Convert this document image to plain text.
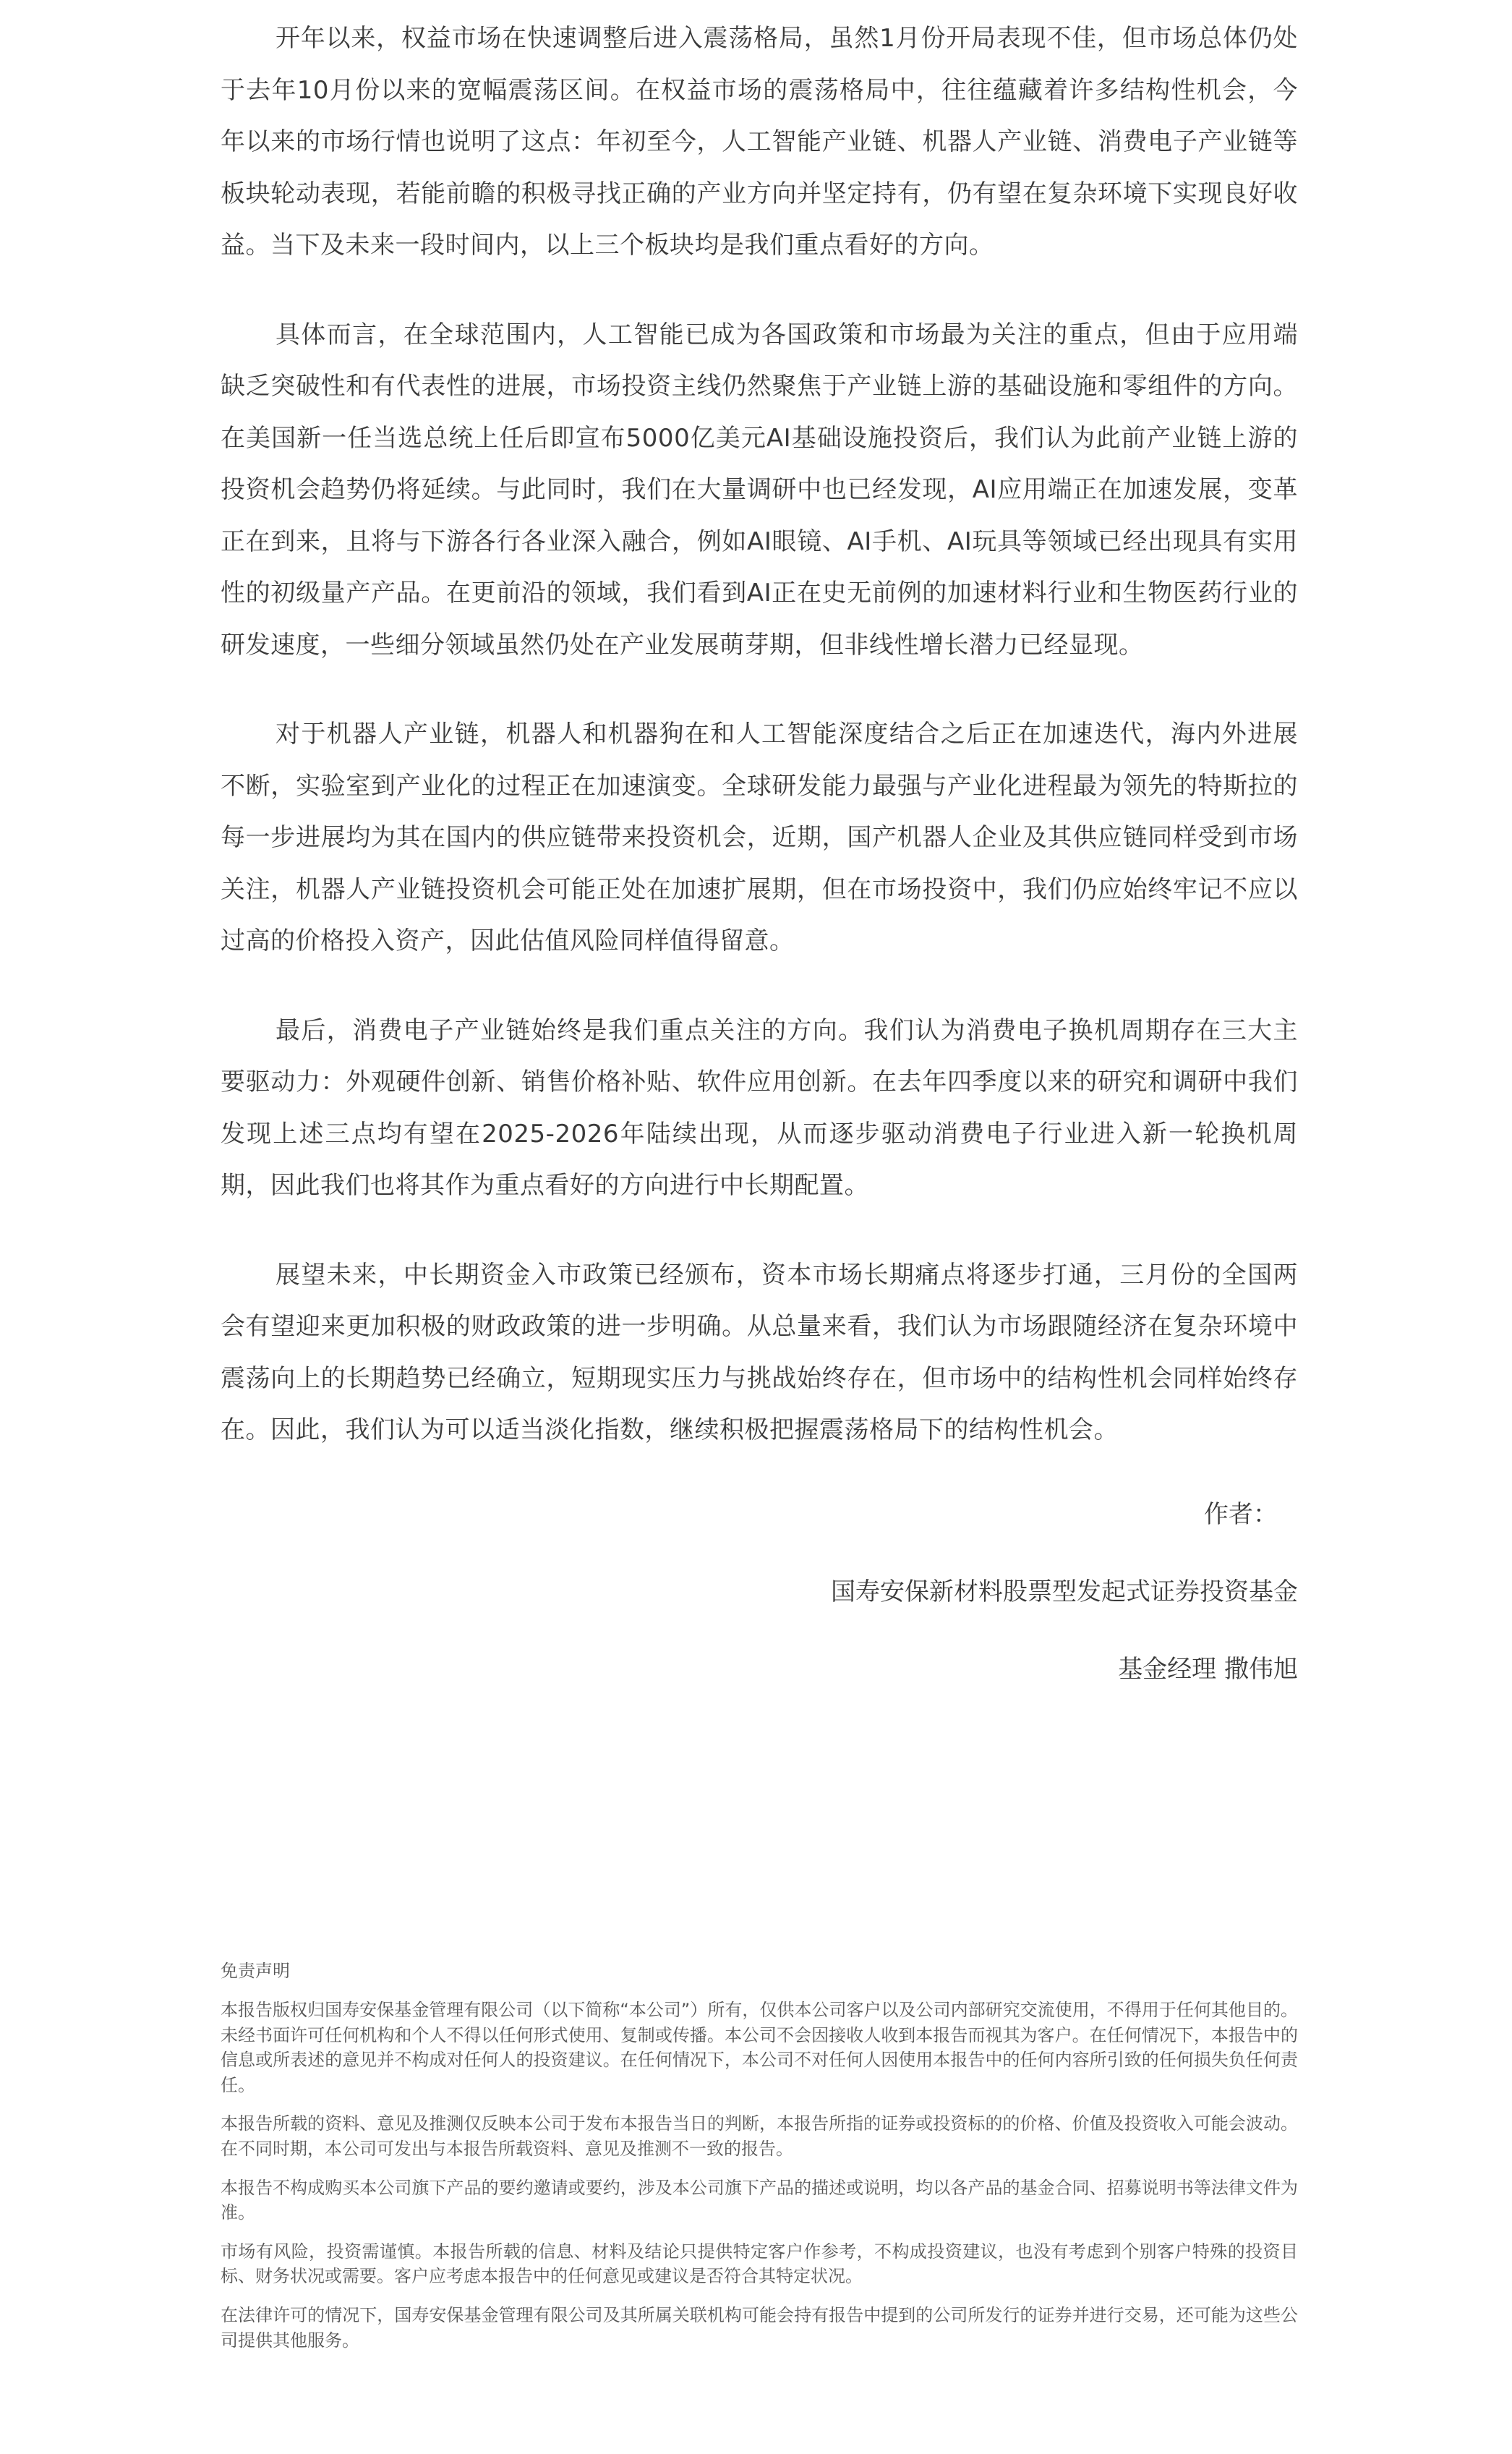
开年以来，权益市场在快速调整后进入震荡格局，虽然1月份开局表现不佳，但市场总体仍处于去年10月份以来的宽幅震荡区间。在权益市场的震荡格局中，往往蕴藏着许多结构性机会，今年以来的市场行情也说明了这点：年初至今，人工智能产业链、机器人产业链、消费电子产业链等板块轮动表现，若能前瞻的积极寻找正确的产业方向并坚定持有，仍有望在复杂环境下实现良好收益。当下及未来一段时间内，以上三个板块均是我们重点看好的方向。

具体而言，在全球范围内，人工智能已成为各国政策和市场最为关注的重点，但由于应用端缺乏突破性和有代表性的进展，市场投资主线仍然聚焦于产业链上游的基础设施和零组件的方向。在美国新一任当选总统上任后即宣布5000亿美元AI基础设施投资后，我们认为此前产业链上游的投资机会趋势仍将延续。与此同时，我们在大量调研中也已经发现，AI应用端正在加速发展，变革正在到来，且将与下游各行各业深入融合，例如AI眼镜、AI手机、AI玩具等领域已经出现具有实用性的初级量产产品。在更前沿的领域，我们看到AI正在史无前例的加速材料行业和生物医药行业的研发速度，一些细分领域虽然仍处在产业发展萌芽期，但非线性增长潜力已经显现。

对于机器人产业链，机器人和机器狗在和人工智能深度结合之后正在加速迭代，海内外进展不断，实验室到产业化的过程正在加速演变。全球研发能力最强与产业化进程最为领先的特斯拉的每一步进展均为其在国内的供应链带来投资机会，近期，国产机器人企业及其供应链同样受到市场关注，机器人产业链投资机会可能正处在加速扩展期，但在市场投资中，我们仍应始终牢记不应以过高的价格投入资产，因此估值风险同样值得留意。

最后，消费电子产业链始终是我们重点关注的方向。我们认为消费电子换机周期存在三大主要驱动力：外观硬件创新、销售价格补贴、软件应用创新。在去年四季度以来的研究和调研中我们发现上述三点均有望在2025-2026年陆续出现，从而逐步驱动消费电子行业进入新一轮换机周期，因此我们也将其作为重点看好的方向进行中长期配置。

展望未来，中长期资金入市政策已经颁布，资本市场长期痛点将逐步打通，三月份的全国两会有望迎来更加积极的财政政策的进一步明确。从总量来看，我们认为市场跟随经济在复杂环境中震荡向上的长期趋势已经确立，短期现实压力与挑战始终存在，但市场中的结构性机会同样始终存在。因此，我们认为可以适当淡化指数，继续积极把握震荡格局下的结构性机会。

作者：

国寿安保新材料股票型发起式证券投资基金

基金经理 撒伟旭

免责声明

本报告版权归国寿安保基金管理有限公司（以下简称“本公司”）所有，仅供本公司客户以及公司内部研究交流使用，不得用于任何其他目的。未经书面许可任何机构和个人不得以任何形式使用、复制或传播。本公司不会因接收人收到本报告而视其为客户。在任何情况下，本报告中的信息或所表述的意见并不构成对任何人的投资建议。在任何情况下，本公司不对任何人因使用本报告中的任何内容所引致的任何损失负任何责任。

本报告所载的资料、意见及推测仅反映本公司于发布本报告当日的判断，本报告所指的证券或投资标的的价格、价值及投资收入可能会波动。在不同时期，本公司可发出与本报告所载资料、意见及推测不一致的报告。

本报告不构成购买本公司旗下产品的要约邀请或要约，涉及本公司旗下产品的描述或说明，均以各产品的基金合同、招募说明书等法律文件为准。

市场有风险，投资需谨慎。本报告所载的信息、材料及结论只提供特定客户作参考，不构成投资建议，也没有考虑到个别客户特殊的投资目标、财务状况或需要。客户应考虑本报告中的任何意见或建议是否符合其特定状况。

在法律许可的情况下，国寿安保基金管理有限公司及其所属关联机构可能会持有报告中提到的公司所发行的证券并进行交易，还可能为这些公司提供其他服务。
